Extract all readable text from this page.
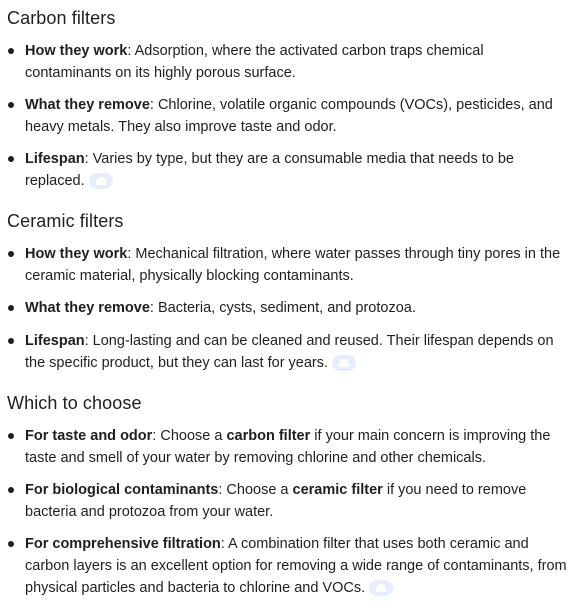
Carbon filters
How they work: Adsorption, where the activated carbon traps chemical
contaminants on its highly porous surface.
What they remove: Chlorine, volatile organic compounds (VOCs), pesticides, and
heavy metals. They also improve taste and odor.
Lifespan: Varies by type, but they are a consumable media that needs to be
replaced.
Ceramic filters
How they work: Mechanical filtration, where water passes through tiny pores in the
ceramic material, physically blocking contaminants.
What they remove: Bacteria, cysts, sediment, and protozoa.
Lifespan: Long-lasting and can be cleaned and reused. Their lifespan depends on
the specific product, but they can last for years.
Which to choose
For taste and odor: Choose a carbon filter if your main concern is improving the
taste and smell of your water by removing chlorine and other chemicals.
For biological contaminants: Choose a ceramic filter if you need to remove
bacteria and protozoa from your water.
For comprehensive filtration: A combination filter that uses both ceramic and
carbon layers is an excellent option for removing a wide range of contaminants, from
physical particles and bacteria to chlorine and VOCs.
